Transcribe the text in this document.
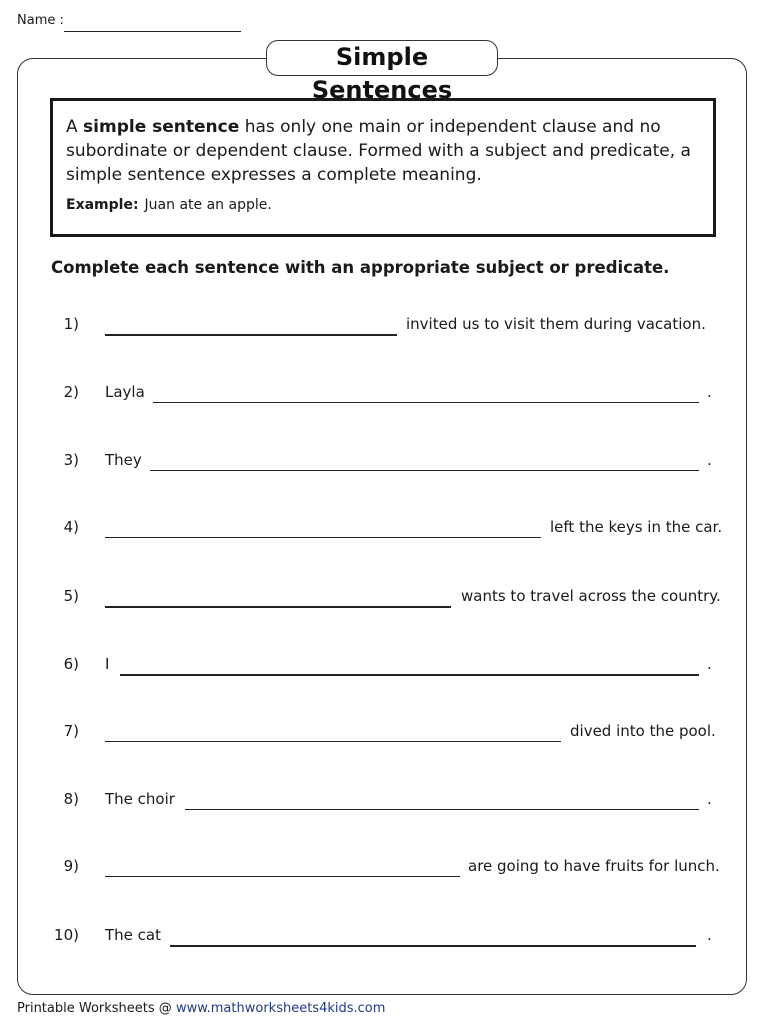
Name :
Simple Sentences

A simple sentence has only one main or independent clause and no subordinate or dependent clause. Formed with a subject and predicate, a simple sentence expresses a complete meaning.

Example: Juan ate an apple.
Complete each sentence with an appropriate subject or predicate.
1)	invited us to visit them during vacation.
2) Layla	.
3) They	.
4)	left the keys in the car.
5)	wants to travel across the country.
6) I	.
7)	dived into the pool.
8) The choir	.
9)	are going to have fruits for lunch.
10) The cat	.
Printable Worksheets @ www.mathworksheets4kids.com
